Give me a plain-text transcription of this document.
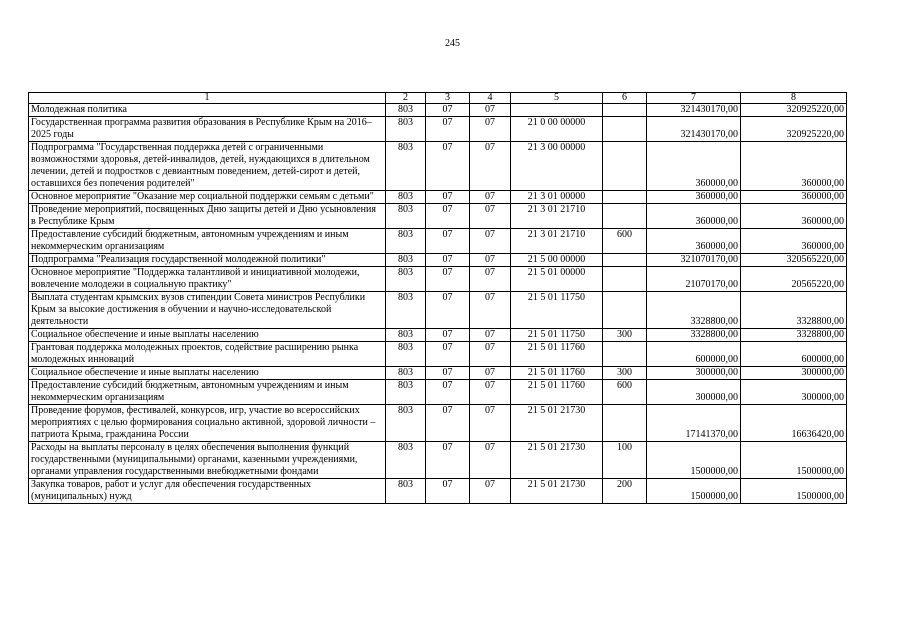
245
1	2	3	4	5	6	7	8
Молодежная политика	803	07	07			321430170,00	320925220,00
Государственная программа развития образования в Республике Крым на 2016–2025 годы	803	07	07	21 0 00 00000		321430170,00	320925220,00
Подпрограмма "Государственная поддержка детей с ограниченными возможностями здоровья, детей-инвалидов, детей, нуждающихся в длительном лечении, детей и подростков с девиантным поведением, детей-сирот и детей, оставшихся без попечения родителей"	803	07	07	21 3 00 00000		360000,00	360000,00
Основное мероприятие "Оказание мер социальной поддержки семьям с детьми"	803	07	07	21 3 01 00000		360000,00	360000,00
Проведение мероприятий, посвященных Дню защиты детей и Дню усыновления в Республике Крым	803	07	07	21 3 01 21710		360000,00	360000,00
Предоставление субсидий бюджетным, автономным учреждениям и иным некоммерческим организациям	803	07	07	21 3 01 21710	600	360000,00	360000,00
Подпрограмма "Реализация государственной молодежной политики"	803	07	07	21 5 00 00000		321070170,00	320565220,00
Основное мероприятие "Поддержка талантливой и инициативной молодежи, вовлечение молодежи в социальную практику"	803	07	07	21 5 01 00000		21070170,00	20565220,00
Выплата студентам крымских вузов стипендии Совета министров Республики Крым за высокие достижения в обучении и научно-исследовательской деятельности	803	07	07	21 5 01 11750		3328800,00	3328800,00
Социальное обеспечение и иные выплаты населению	803	07	07	21 5 01 11750	300	3328800,00	3328800,00
Грантовая поддержка молодежных проектов, содействие расширению рынка молодежных инноваций	803	07	07	21 5 01 11760		600000,00	600000,00
Социальное обеспечение и иные выплаты населению	803	07	07	21 5 01 11760	300	300000,00	300000,00
Предоставление субсидий бюджетным, автономным учреждениям и иным некоммерческим организациям	803	07	07	21 5 01 11760	600	300000,00	300000,00
Проведение форумов, фестивалей, конкурсов, игр, участие во всероссийских мероприятиях с целью формирования социально активной, здоровой личности – патриота Крыма, гражданина России	803	07	07	21 5 01 21730		17141370,00	16636420,00
Расходы на выплаты персоналу в целях обеспечения выполнения функций государственными (муниципальными) органами, казенными учреждениями, органами управления государственными внебюджетными фондами	803	07	07	21 5 01 21730	100	1500000,00	1500000,00
Закупка товаров, работ и услуг для обеспечения государственных (муниципальных) нужд	803	07	07	21 5 01 21730	200	1500000,00	1500000,00
